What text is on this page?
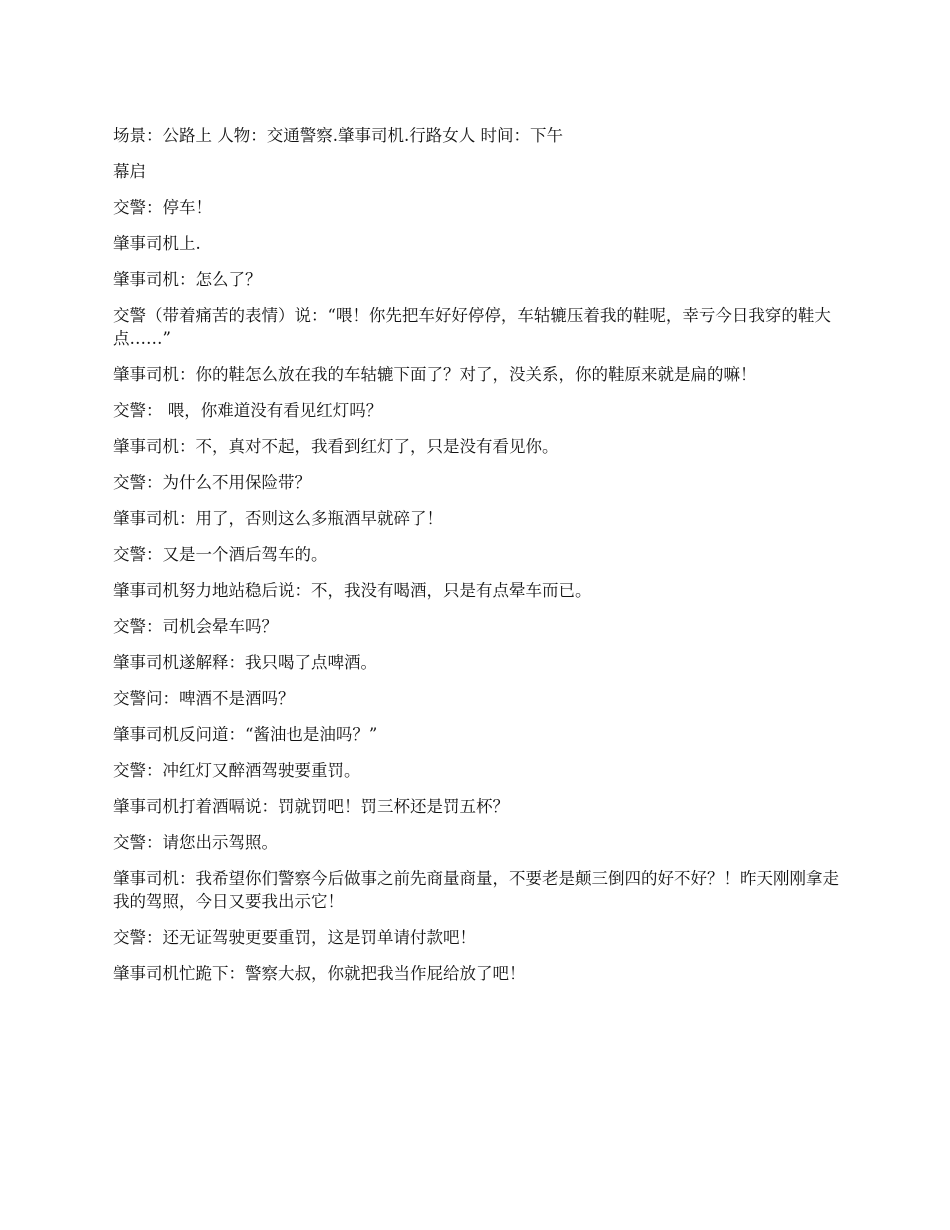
场景：公路上 人物：交通警察.肇事司机.行路女人 时间：下午

幕启

交警：停车！

肇事司机上.

肇事司机：怎么了？

交警（带着痛苦的表情）说：“喂！你先把车好好停停，车轱辘压着我的鞋呢，幸亏今日我穿的鞋大点……”

肇事司机：你的鞋怎么放在我的车轱辘下面了？对了，没关系，你的鞋原来就是扁的嘛！

交警： 喂，你难道没有看见红灯吗？

肇事司机：不，真对不起，我看到红灯了，只是没有看见你。

交警：为什么不用保险带？

肇事司机：用了，否则这么多瓶酒早就碎了！

交警：又是一个酒后驾车的。

肇事司机努力地站稳后说：不，我没有喝酒，只是有点晕车而已。

交警：司机会晕车吗？

肇事司机遂解释：我只喝了点啤酒。

交警问：啤酒不是酒吗？

肇事司机反问道：“酱油也是油吗？”

交警：冲红灯又醉酒驾驶要重罚。

肇事司机打着酒嗝说：罚就罚吧！罚三杯还是罚五杯？

交警：请您出示驾照。

肇事司机：我希望你们警察今后做事之前先商量商量，不要老是颠三倒四的好不好？！昨天刚刚拿走我的驾照，今日又要我出示它！

交警：还无证驾驶更要重罚，这是罚单请付款吧！

肇事司机忙跪下：警察大叔，你就把我当作屁给放了吧！
